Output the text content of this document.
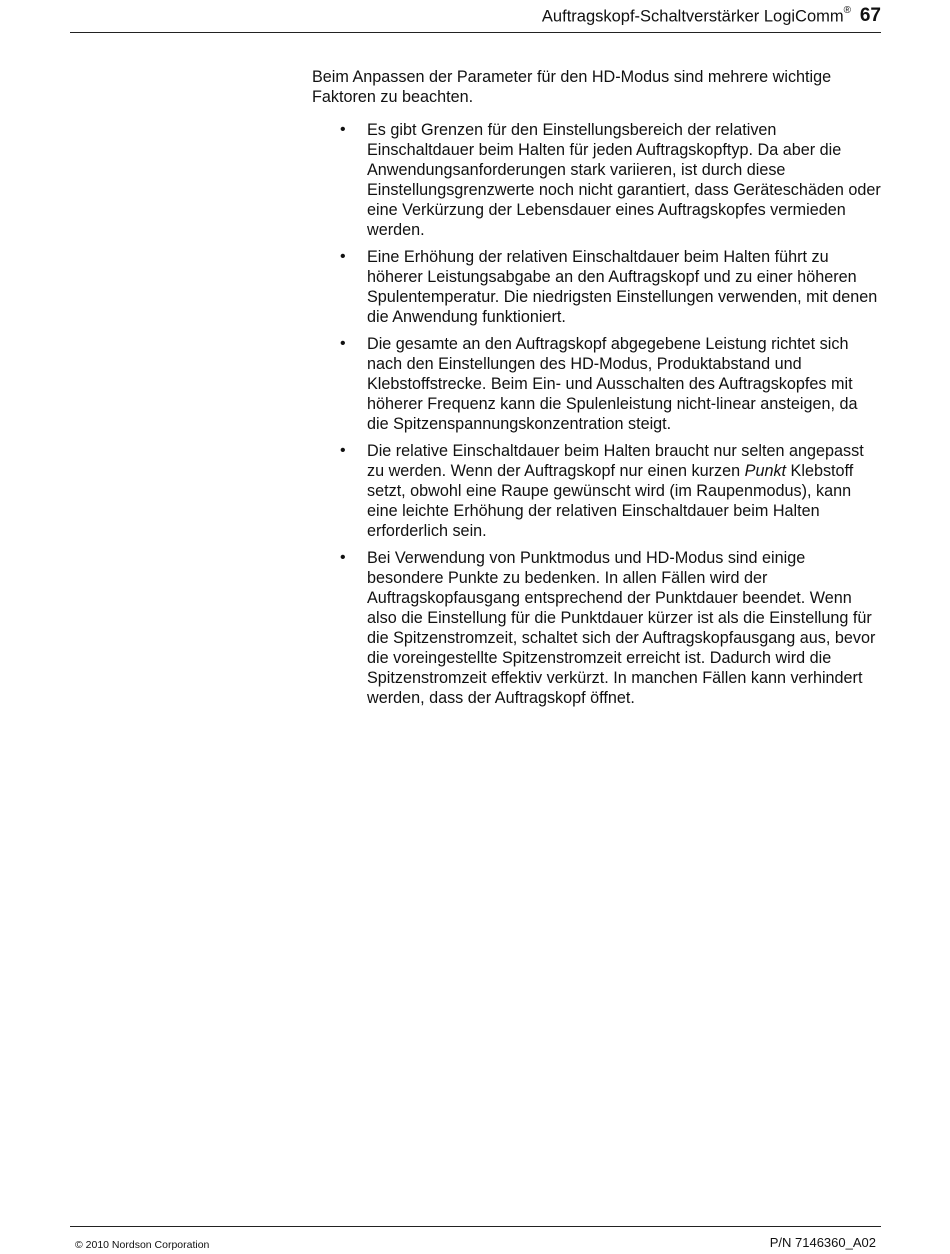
Auftragskopf-Schaltverstärker LogiComm® 67

Beim Anpassen der Parameter für den HD-Modus sind mehrere wichtige Faktoren zu beachten.

• Es gibt Grenzen für den Einstellungsbereich der relativen Einschaltdauer beim Halten für jeden Auftragskopftyp. Da aber die Anwendungsanforderungen stark variieren, ist durch diese Einstellungsgrenzwerte noch nicht garantiert, dass Geräteschäden oder eine Verkürzung der Lebensdauer eines Auftragskopfes vermieden werden.
• Eine Erhöhung der relativen Einschaltdauer beim Halten führt zu höherer Leistungsabgabe an den Auftragskopf und zu einer höheren Spulentemperatur. Die niedrigsten Einstellungen verwenden, mit denen die Anwendung funktioniert.
• Die gesamte an den Auftragskopf abgegebene Leistung richtet sich nach den Einstellungen des HD-Modus, Produktabstand und Klebstoffstrecke. Beim Ein- und Ausschalten des Auftragskopfes mit höherer Frequenz kann die Spulenleistung nicht-linear ansteigen, da die Spitzenspannungskonzentration steigt.
• Die relative Einschaltdauer beim Halten braucht nur selten angepasst zu werden. Wenn der Auftragskopf nur einen kurzen Punkt Klebstoff setzt, obwohl eine Raupe gewünscht wird (im Raupenmodus), kann eine leichte Erhöhung der relativen Einschaltdauer beim Halten erforderlich sein.
• Bei Verwendung von Punktmodus und HD-Modus sind einige besondere Punkte zu bedenken. In allen Fällen wird der Auftragskopfausgang entsprechend der Punktdauer beendet. Wenn also die Einstellung für die Punktdauer kürzer ist als die Einstellung für die Spitzenstromzeit, schaltet sich der Auftragskopfausgang aus, bevor die voreingestellte Spitzenstromzeit erreicht ist. Dadurch wird die Spitzenstromzeit effektiv verkürzt. In manchen Fällen kann verhindert werden, dass der Auftragskopf öffnet.
© 2010 Nordson Corporation	P/N 7146360_A02
